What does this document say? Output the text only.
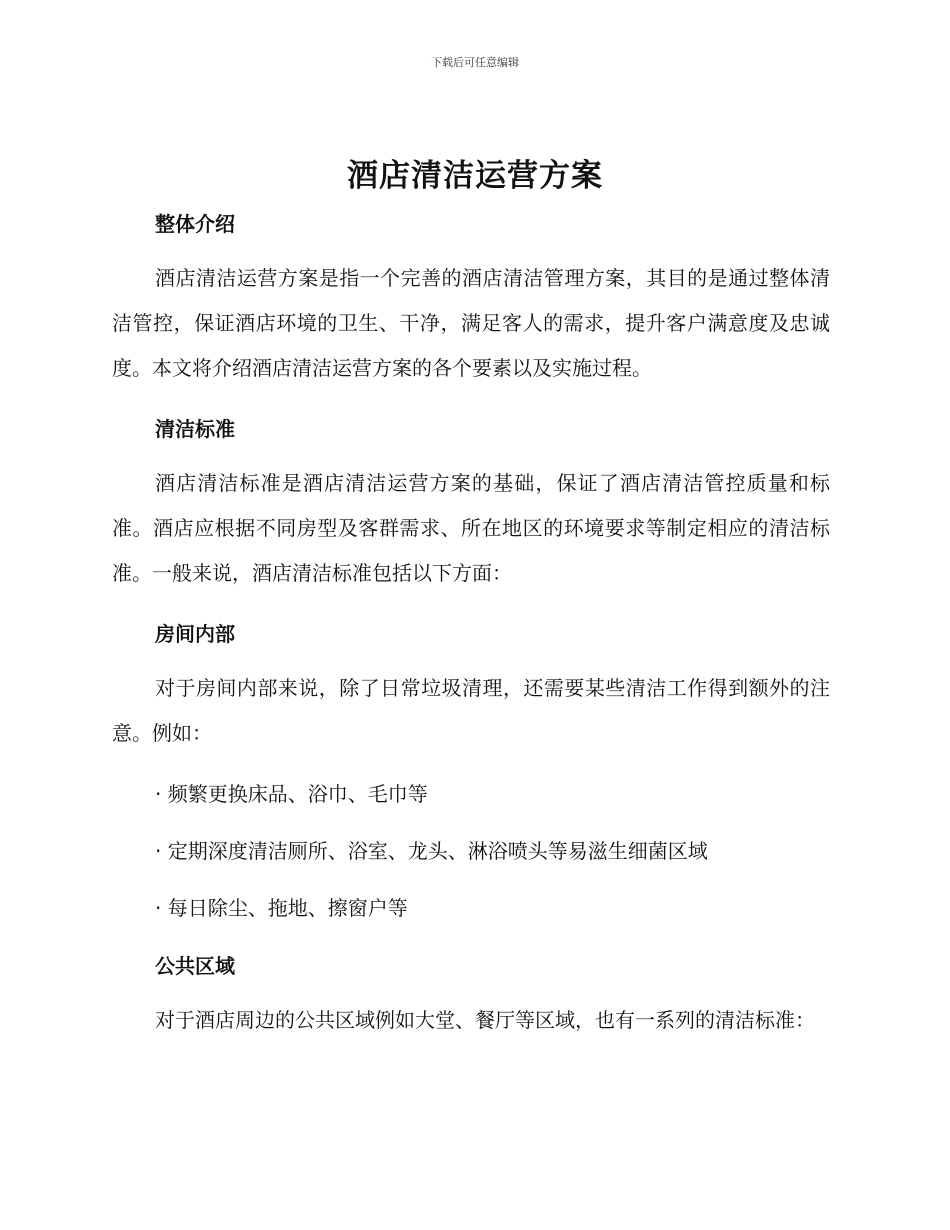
下载后可任意编辑
酒店清洁运营方案
整体介绍

酒店清洁运营方案是指一个完善的酒店清洁管理方案，其目的是通过整体清洁管控，保证酒店环境的卫生、干净，满足客人的需求，提升客户满意度及忠诚度。本文将介绍酒店清洁运营方案的各个要素以及实施过程。

清洁标准

酒店清洁标准是酒店清洁运营方案的基础，保证了酒店清洁管控质量和标准。酒店应根据不同房型及客群需求、所在地区的环境要求等制定相应的清洁标准。一般来说，酒店清洁标准包括以下方面：

房间内部

对于房间内部来说，除了日常垃圾清理，还需要某些清洁工作得到额外的注意。例如：

· 频繁更换床品、浴巾、毛巾等

· 定期深度清洁厕所、浴室、龙头、淋浴喷头等易滋生细菌区域

· 每日除尘、拖地、擦窗户等

公共区域

对于酒店周边的公共区域例如大堂、餐厅等区域，也有一系列的清洁标准：
